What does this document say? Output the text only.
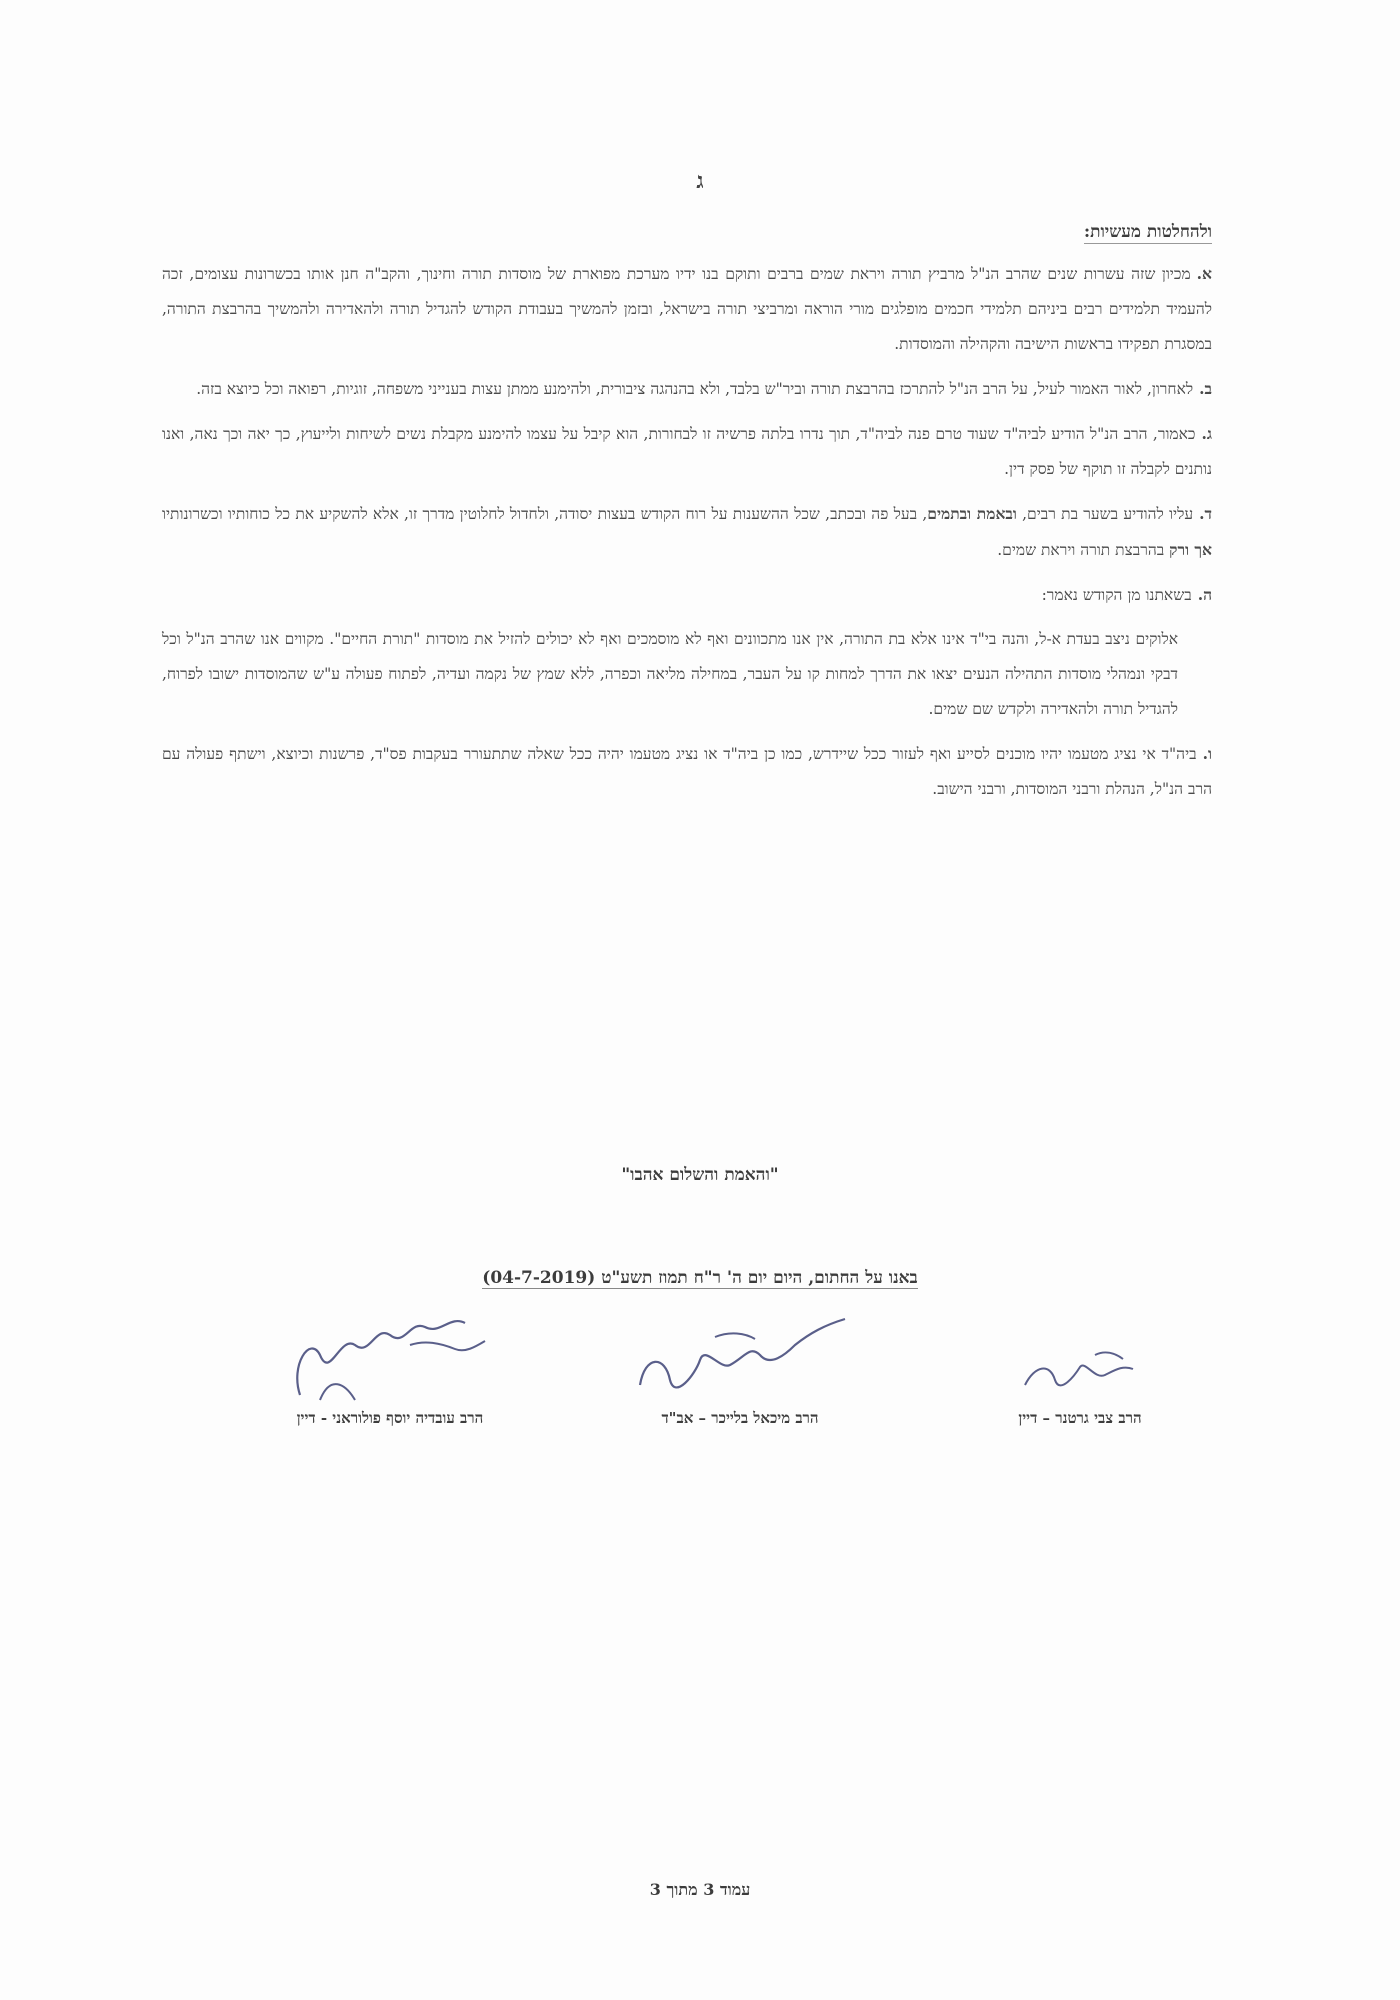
ג
ולהחלטות מעשיות:

א.מכיון שזה עשרות שנים שהרב הנ"ל מרביץ תורה ויראת שמים ברבים ותוקם בנו ידיו מערכת מפוארת של מוסדות תורה וחינוך, והקב"ה חנן אותו בכשרונות עצומים, זכה להעמיד תלמידים רבים ביניהם תלמידי חכמים מופלגים מורי הוראה ומרביצי תורה בישראל, ובזמן להמשיך בעבודת הקודש להגדיל תורה ולהאדירה ולהמשיך בהרבצת התורה, במסגרת תפקידו בראשות הישיבה והקהילה והמוסדות.

ב.לאחרון, לאור האמור לעיל, על הרב הנ"ל להתרכז בהרבצת תורה וביר"ש בלבד, ולא בהנהגה ציבורית, ולהימנע ממתן עצות בענייני משפחה, זוגיות, רפואה וכל כיוצא בזה.

ג.כאמור, הרב הנ"ל הודיע לביה"ד שעוד טרם פנה לביה"ד, תוך נדרו בלתה פרשיה זו לבחורות, הוא קיבל על עצמו להימנע מקבלת נשים לשיחות ולייעוץ, כך יאה וכך נאה, ואנו נותנים לקבלה זו תוקף של פסק דין.

ד.עליו להודיע בשער בת רבים, ובאמת ובתמים, בעל פה ובכתב, שכל ההשענות על רוח הקודש בעצות יסודה, ולחדול לחלוטין מדרך זו, אלא להשקיע את כל כוחותיו וכשרונותיו אך ורק בהרבצת תורה ויראת שמים.

ה.בשאתנו מן הקודש נאמר:

אלוקים ניצב בעדת א-ל, והנה בי"ד אינו אלא בת התורה, אין אנו מתכוונים ואף לא מוסמכים ואף לא יכולים להזיל את מוסדות "תורת החיים". מקווים אנו שהרב הנ"ל וכל דבקי ונמהלי מוסדות התהילה הנעים יצאו את הדרך למחות קו על העבר, במחילה מליאה וכפרה, ללא שמץ של נקמה ועדיה, לפתוח פעולה ע"ש שהמוסדות ישובו לפרוח, להגדיל תורה ולהאדירה ולקדש שם שמים.

ו.ביה"ד אי נציג מטעמו יהיו מוכנים לסייע ואף לעזור ככל שיידרש, כמו כן ביה"ד או נציג מטעמו יהיה ככל שאלה שתתעורר בעקבות פס"ד, פרשנות וכיוצא, וישתף פעולה עם הרב הנ"ל, הנהלת ורבני המוסדות, ורבני הישוב.

"והאמת והשלום אהבו"
באנו על החתום, היום יום ה' ר"ח תמוז תשע"ט (04-7-2019)
הרב צבי גרטנר – דיין
הרב מיכאל בלייכר – אב"ד
הרב עובדיה יוסף פולוראני - דיין
עמוד 3 מתוך 3
